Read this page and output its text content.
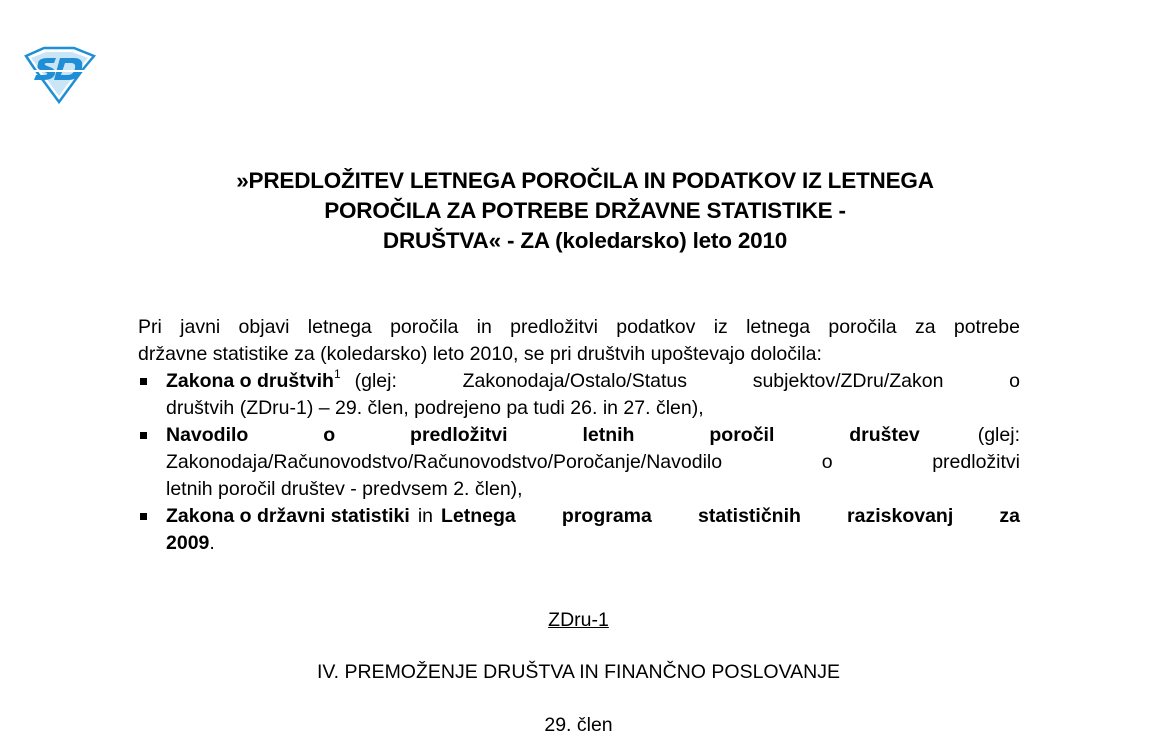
»PREDLOŽITEV LETNEGA POROČILA IN PODATKOV IZ LETNEGA
POROČILA ZA POTREBE DRŽAVNE STATISTIKE -
DRUŠTVA« - ZA (koledarsko) leto 2010
Pri javni objavi letnega poročila in predložitvi podatkov iz letnega poročila za potrebe
državne statistike za (koledarsko) leto 2010, se pri društvih upoštevajo določila:
Zakona o društvih$^1$ (glej: Zakonodaja/Ostalo/Status subjektov/ZDru/Zakon o
društvih (ZDru-1) – 29. člen, podrejeno pa tudi 26. in 27. člen),
Navodilo o predložitvi letnih poročil društev	(glej:
Zakonodaja/Računovodstvo/Računovodstvo/Poročanje/Navodilo o predložitvi
letnih poročil društev - predvsem 2. člen),
Zakona o državni statistiki in Letnega programa statističnih raziskovanj za
2009.
ZDru-1
IV. PREMOŽENJE DRUŠTVA IN FINANČNO POSLOVANJE
29. člen
